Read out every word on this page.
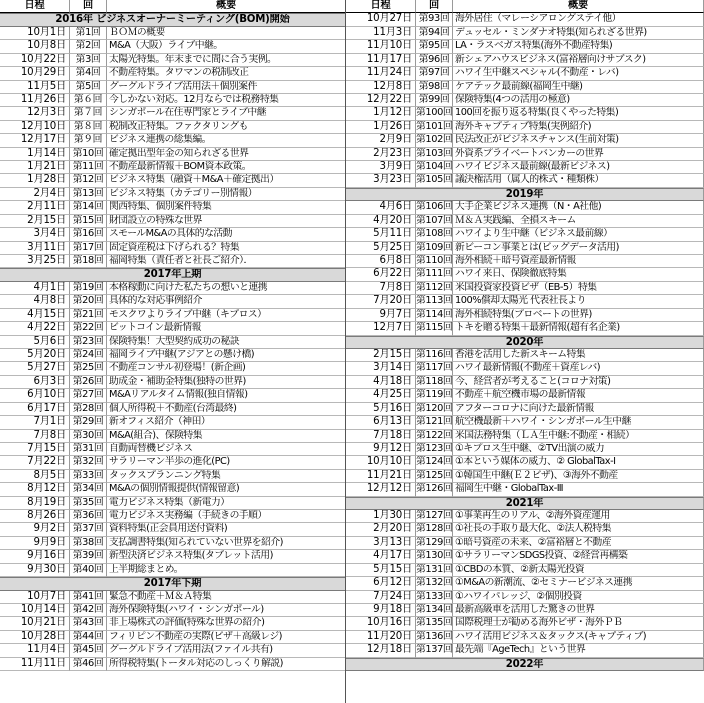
日程	回	概要
2016年 ビジネスオーナーミーティング(BOM)開始
10月1日 第1回 ＢＯＭの概要
10月8日 第2回 M&A（大阪）ライブ中継。
10月22日 第3回 太陽光特集。年末までに間に合う実例。
10月29日 第4回 不動産特集。タワマンの税制改正
11月5日 第5回 グーグルドライブ活用法＋個別案件
11月26日 第６回 今しかない対応。12月ならでは税務特集
12月3日 第７回 シンガポール在住専門家とライブ中継
12月10日 第８回 税制改正特集。ファクタリングも
12月17日 第９回 ビジネス連携の総集編。
1月14日 第10回 確定拠出型年金の知られざる世界
1月21日 第11回 不動産最新情報＋BOM資本政策。
1月28日 第12回 ビジネス特集（融資＋M&A＋確定拠出）
2月4日 第13回 ビジネス特集（カテゴリー別情報）
2月11日 第14回 関西特集、個別案件特集
2月15日 第15回 財団設立の特殊な世界
3月4日 第16回 スモールM&Aの具体的な活動
3月11日 第17回 固定資産税は下げられる？特集
3月25日 第18回 福岡特集（責任者と社長ご紹介）．
2017年上期
4月1日 第19回 本格稼動に向けた私たちの想いと連携
4月8日 第20回 具体的な対応事例紹介
4月15日 第21回 モスクワよりライブ中継（キプロス）
4月22日 第22回 ビットコイン最新情報
5月6日 第23回 保険特集！大型契約成功の秘訣
5月20日 第24回 福岡ライブ中継(アジアとの懸け橋)
5月27日 第25回 不動産コンサル初登場！(新企画)
6月3日 第26回 助成金・補助金特集(独特の世界)
6月10日 第27回 M&Aリアルタイム情報(独自情報)
6月17日 第28回 個人所得税＋不動産(台湾最終)
7月1日 第29回 新オフィス紹介（神田）
7月8日 第30回 M&A(組合)、保険特集
7月15日 第31回 自動両替機ビジネス
7月22日 第32回 サラリーマン半歩の進化(PC)
8月5日 第33回 タックスプランニング特集
8月12日 第34回 M&Aの個別情報提供(情報留意)
8月19日 第35回 電力ビジネス特集（新電力）
8月26日 第36回 電力ビジネス実務編（手続きの手順）
9月2日 第37回 資料特集(正会員用送付資料)
9月9日 第38回 支払調書特集(知られていない世界を紹介)
9月16日 第39回 新型決済ビジネス特集(タブレット活用)
9月30日 第40回 上半期総まとめ。
2017年下期
10月7日 第41回 緊急不動産＋Ｍ＆Ａ特集
10月14日 第42回 海外保険特集(ハワイ・シンガポール)
10月21日 第43回 非上場株式の評価(特殊な世界の紹介)
10月28日 第44回 フィリピン不動産の実際(ビザ＋高級レジ)
11月4日 第45回 グーグルドライブ活用法(ファイル共有)
11月11日 第46回 所得税特集(トータル対応のしっくり解説)
日程	回	概要
10月27日 第93回 海外居住（マレーシアロングステイ他）
11月3日 第94回 デュッセル・ミンダナオ特集(知られざる世界)
11月10日 第95回 LA・ラスベガス特集(海外不動産特集)
11月17日 第96回 新シェアハウスビジネス(富裕層向けサブスク)
11月24日 第97回 ハワイ生中継スペシャル(不動産・レバ)
12月8日 第98回 ケアテック最前線(福岡生中継)
12月22日 第99回 保険特集(4つの活用の極意)
1月12日 第100回 100回を振り返る特集(良くやった特集)
1月26日 第101回 海外キャプティブ特集(実例紹介)
2月9日 第102回 民法改正がビジネスチャンス(生前対策)
2月23日 第103回 外資系プライベートバンカーの世界
3月9日 第104回 ハワイビジネス最前線(最新ビジネス)
3月23日 第105回 議決権活用（属人的株式・種類株）
2019年
4月6日 第106回 大手企業ビジネス連携（N・A社他)
4月20日 第107回 Ｍ＆Ａ実践編、全損スキーム
5月11日 第108回 ハワイより生中継（ビジネス最前線）
5月25日 第109回 新ビーコン事業とは(ビッグデータ活用)
6月8日 第110回 海外相続＋暗号資産最新情報
6月22日 第111回 ハワイ来日、保険徹底特集
7月8日 第112回 米国投資家投資ビザ（EB-5）特集
7月20日 第113回 100%償却太陽光 代表社長より
9月7日 第114回 海外相続特集(プロベートの世界)
12月7日 第115回 トキを贈る特集＋最新情報(超有名企業)
2020年
2月15日 第116回 香港を活用した新スキーム特集
3月14日 第117回 ハワイ最新情報(不動産＋資産レバ)
4月18日 第118回 今、経営者が考えること(コロナ対策)
4月25日 第119回 不動産＋航空機市場の最新情報
5月16日 第120回 アフターコロナに向けた最新情報
6月13日 第121回 航空機最新＋ハワイ・シンガポール生中継
7月18日 第122回 米国法務特集（ＬＡ生中継:不動産・相続）
9月12日 第123回 ①キプロス生中継、②TV出演の威力
10月10日 第124回 ①本という媒体の威力、② GlobalTax-Ⅰ
11月21日 第125回 ①韓国生中継(Ｅ２ビザ)、③海外不動産
12月12日 第126回 福岡生中継・GlobalTax-Ⅲ
2021年
1月30日 第127回 ①事業再生のリアル、②海外資産運用
2月20日 第128回 ①社長の手取り最大化、②法人税特集
3月13日 第129回 ①暗号資産の未来、②富裕層と不動産
4月17日 第130回 ①サラリーマンSDGS投資、②経営再構築
5月15日 第131回 ①CBDの本質、②新太陽光投資
6月12日 第132回 ①M&Aの新潮流、②セミナービジネス連携
7月24日 第133回 ①ハワイパレッジ、②個別投資
9月18日 第134回 最新高級車を活用した驚きの世界
10月16日 第135回 国際税理士が勧める海外ビザ・海外ＰＢ
11月20日 第136回 ハワイ活用ビジネス＆タックス(キャプティブ)
12月18日 第137回 最先端『AgeTech』という世界
2022年
